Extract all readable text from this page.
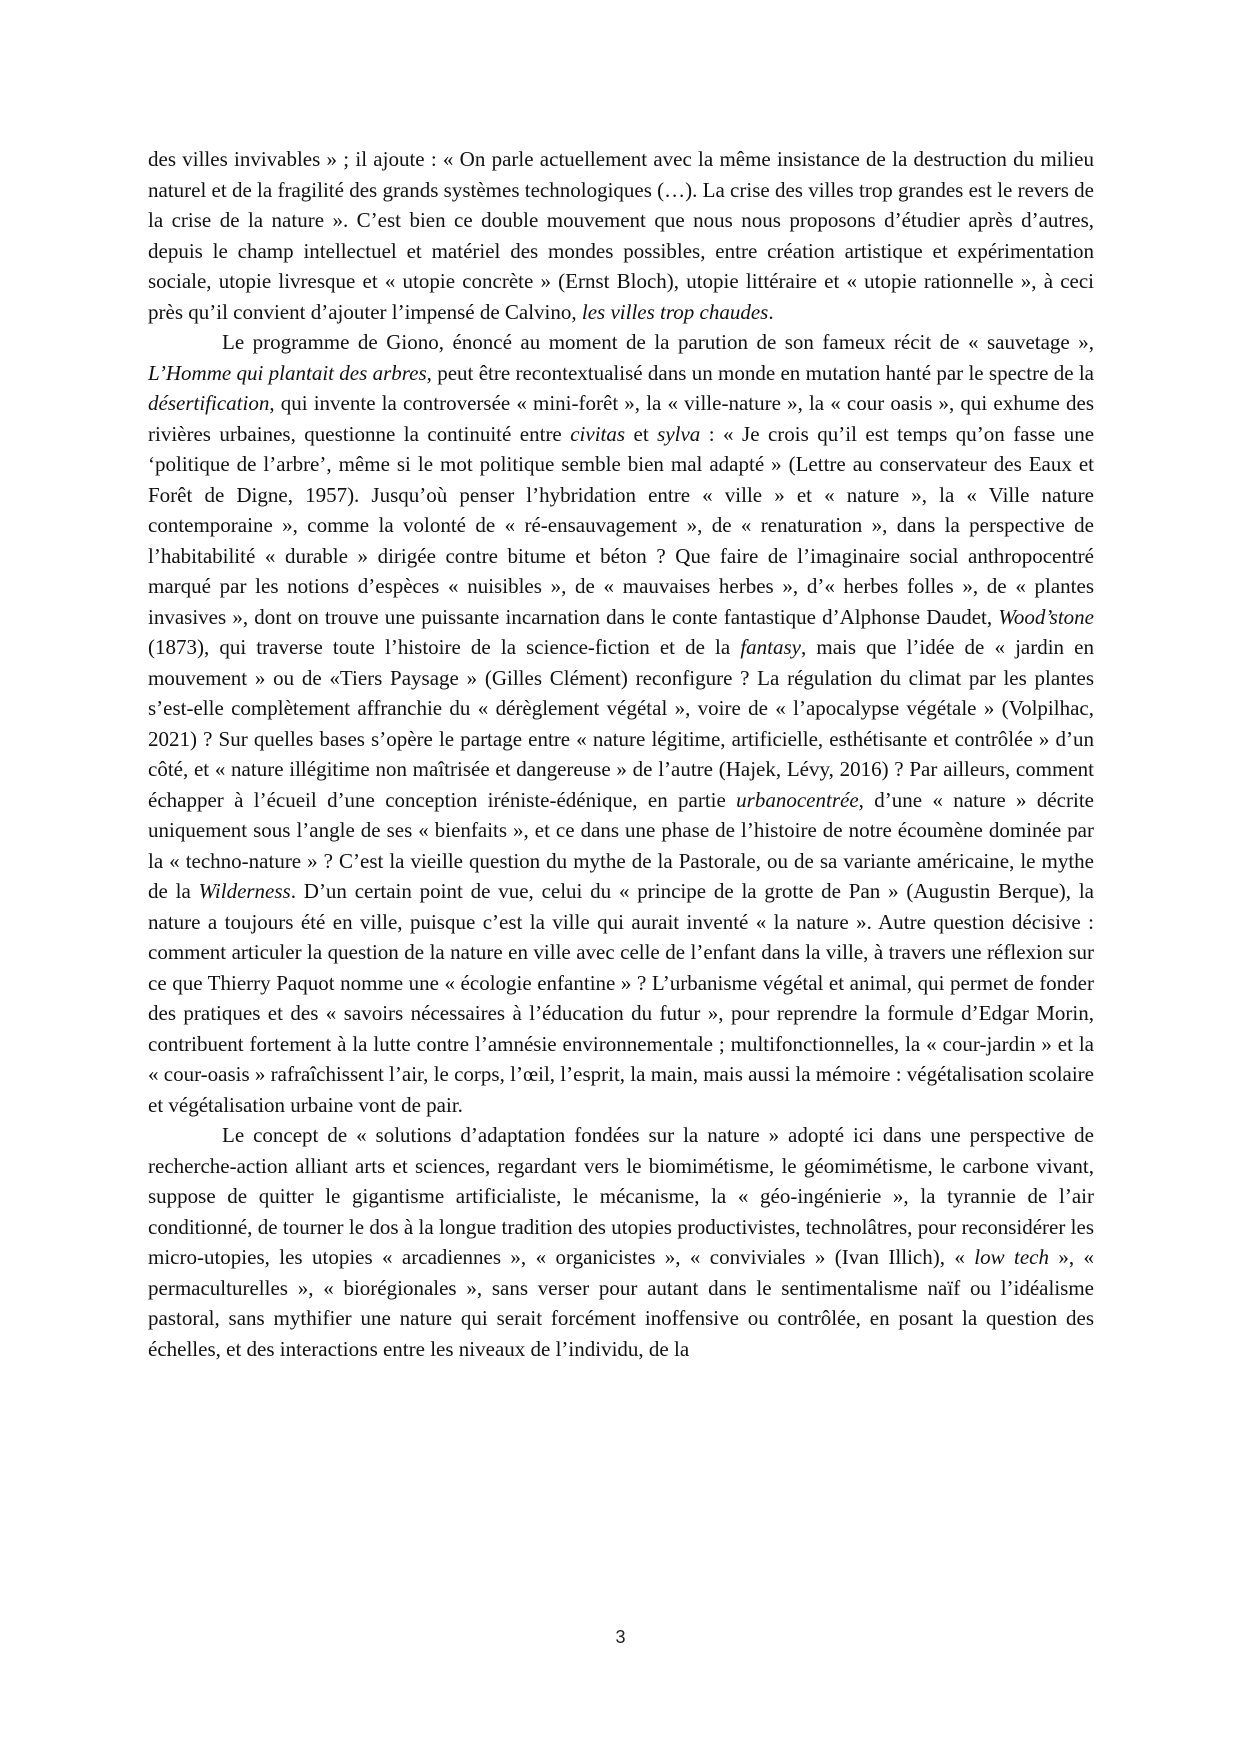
des villes invivables » ; il ajoute : « On parle actuellement avec la même insistance de la destruction du milieu naturel et de la fragilité des grands systèmes technologiques (…). La crise des villes trop grandes est le revers de la crise de la nature ». C’est bien ce double mouvement que nous nous proposons d’étudier après d’autres, depuis le champ intellectuel et matériel des mondes possibles, entre création artistique et expérimentation sociale, utopie livresque et « utopie concrète » (Ernst Bloch), utopie littéraire et « utopie rationnelle », à ceci près qu’il convient d’ajouter l’impensé de Calvino, les villes trop chaudes.

Le programme de Giono, énoncé au moment de la parution de son fameux récit de « sauvetage », L’Homme qui plantait des arbres, peut être recontextualisé dans un monde en mutation hanté par le spectre de la désertification, qui invente la controversée « mini-forêt », la « ville-nature », la « cour oasis », qui exhume des rivières urbaines, questionne la continuité entre civitas et sylva : « Je crois qu’il est temps qu’on fasse une ‘politique de l’arbre’, même si le mot politique semble bien mal adapté » (Lettre au conservateur des Eaux et Forêt de Digne, 1957). Jusqu’où penser l’hybridation entre « ville » et « nature », la « Ville nature contemporaine », comme la volonté de « ré-ensauvagement », de « renaturation », dans la perspective de l’habitabilité « durable » dirigée contre bitume et béton ? Que faire de l’imaginaire social anthropocentré marqué par les notions d’espèces « nuisibles », de « mauvaises herbes », d’« herbes folles », de « plantes invasives », dont on trouve une puissante incarnation dans le conte fantastique d’Alphonse Daudet, Wood’stone (1873), qui traverse toute l’histoire de la science-fiction et de la fantasy, mais que l’idée de « jardin en mouvement » ou de «Tiers Paysage » (Gilles Clément) reconfigure ? La régulation du climat par les plantes s’est-elle complètement affranchie du « dérèglement végétal », voire de « l’apocalypse végétale » (Volpilhac, 2021) ? Sur quelles bases s’opère le partage entre « nature légitime, artificielle, esthétisante et contrôlée » d’un côté, et « nature illégitime non maîtrisée et dangereuse » de l’autre (Hajek, Lévy, 2016) ? Par ailleurs, comment échapper à l’écueil d’une conception iréniste-édénique, en partie urbanocentrée, d’une « nature » décrite uniquement sous l’angle de ses « bienfaits », et ce dans une phase de l’histoire de notre écoumène dominée par la « techno-nature » ? C’est la vieille question du mythe de la Pastorale, ou de sa variante américaine, le mythe de la Wilderness. D’un certain point de vue, celui du « principe de la grotte de Pan » (Augustin Berque), la nature a toujours été en ville, puisque c’est la ville qui aurait inventé « la nature ». Autre question décisive : comment articuler la question de la nature en ville avec celle de l’enfant dans la ville, à travers une réflexion sur ce que Thierry Paquot nomme une « écologie enfantine » ? L’urbanisme végétal et animal, qui permet de fonder des pratiques et des « savoirs nécessaires à l’éducation du futur », pour reprendre la formule d’Edgar Morin, contribuent fortement à la lutte contre l’amnésie environnementale ; multifonctionnelles, la « cour-jardin » et la « cour-oasis » rafraîchissent l’air, le corps, l’œil, l’esprit, la main, mais aussi la mémoire : végétalisation scolaire et végétalisation urbaine vont de pair.

Le concept de « solutions d’adaptation fondées sur la nature » adopté ici dans une perspective de recherche-action alliant arts et sciences, regardant vers le biomimétisme, le géomimétisme, le carbone vivant, suppose de quitter le gigantisme artificialiste, le mécanisme, la « géo-ingénierie », la tyrannie de l’air conditionné, de tourner le dos à la longue tradition des utopies productivistes, technolâtres, pour reconsidérer les micro-utopies, les utopies « arcadiennes », « organicistes », « conviviales » (Ivan Illich), « low tech », « permaculturelles », « biorégionales », sans verser pour autant dans le sentimentalisme naïf ou l’idéalisme pastoral, sans mythifier une nature qui serait forcément inoffensive ou contrôlée, en posant la question des échelles, et des interactions entre les niveaux de l’individu, de la

3
